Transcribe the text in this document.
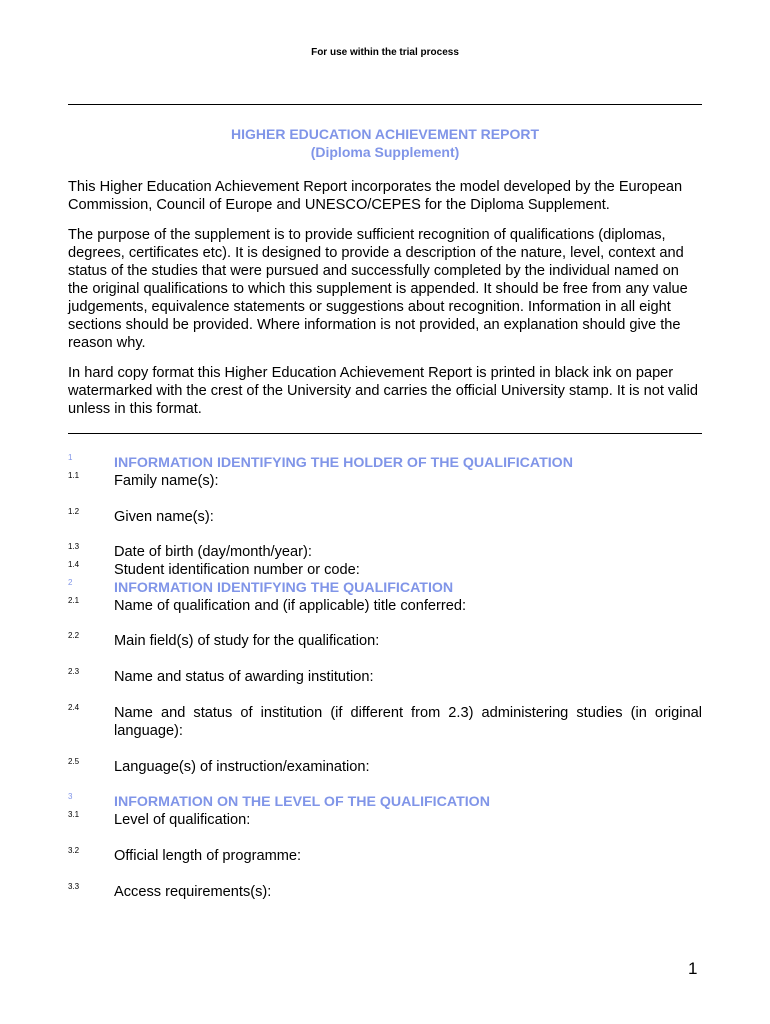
For use within the trial process
HIGHER EDUCATION ACHIEVEMENT REPORT
(Diploma Supplement)

This Higher Education Achievement Report incorporates the model developed by the European Commission, Council of Europe and UNESCO/CEPES for the Diploma Supplement.

The purpose of the supplement is to provide sufficient recognition of qualifications (diplomas, degrees, certificates etc). It is designed to provide a description of the nature, level, context and status of the studies that were pursued and successfully completed by the individual named on the original qualifications to which this supplement is appended. It should be free from any value judgements, equivalence statements or suggestions about recognition. Information in all eight sections should be provided. Where information is not provided, an explanation should give the reason why.

In hard copy format this Higher Education Achievement Report is printed in black ink on paper watermarked with the crest of the University and carries the official University stamp. It is not valid unless in this format.

1	INFORMATION IDENTIFYING THE HOLDER OF THE QUALIFICATION
1.1 Family name(s):
1.2 Given name(s):
1.3 Date of birth (day/month/year):
1.4 Student identification number or code:
2	INFORMATION IDENTIFYING THE QUALIFICATION
2.1 Name of qualification and (if applicable) title conferred:
2.2 Main field(s) of study for the qualification:
2.3 Name and status of awarding institution:
2.4 Name and status of institution (if different from 2.3) administering studies (in original language):
2.5 Language(s) of instruction/examination:
3	INFORMATION ON THE LEVEL OF THE QUALIFICATION
3.1 Level of qualification:
3.2 Official length of programme:
3.3 Access requirements(s):
1
